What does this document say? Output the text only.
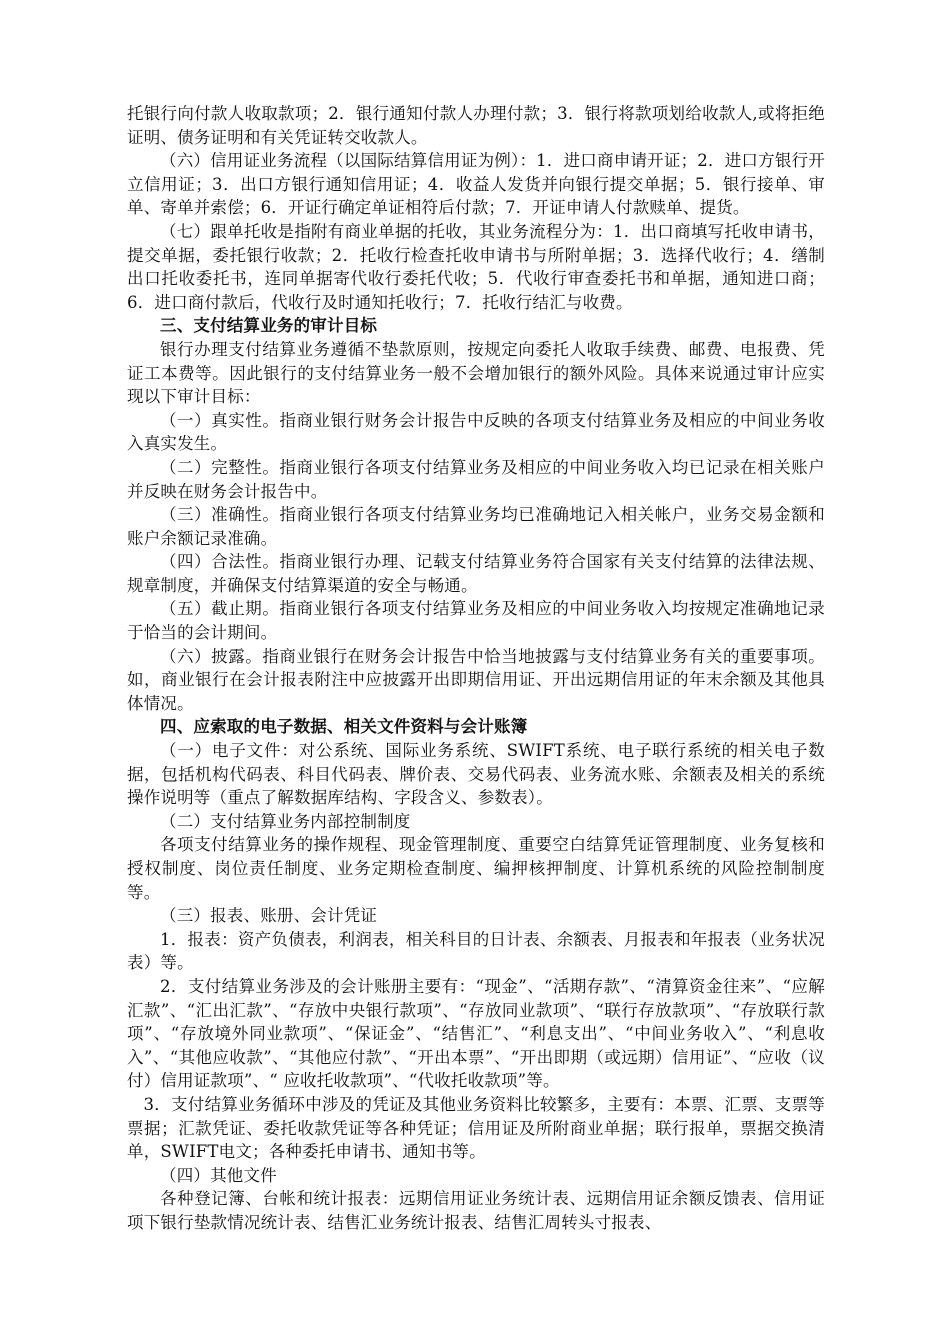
托银行向付款人收取款项；2．银行通知付款人办理付款；3．银行将款项划给收款人,或将拒绝证明、债务证明和有关凭证转交收款人。

（六）信用证业务流程（以国际结算信用证为例）：1．进口商申请开证；2．进口方银行开立信用证；3．出口方银行通知信用证；4．收益人发货并向银行提交单据；5．银行接单、审单、寄单并索偿；6．开证行确定单证相符后付款；7．开证申请人付款赎单、提货。

（七）跟单托收是指附有商业单据的托收，其业务流程分为：1．出口商填写托收申请书，提交单据，委托银行收款；2．托收行检查托收申请书与所附单据；3．选择代收行；4．缮制出口托收委托书，连同单据寄代收行委托代收；5．代收行审查委托书和单据，通知进口商；6．进口商付款后，代收行及时通知托收行；7．托收行结汇与收费。

三、支付结算业务的审计目标

银行办理支付结算业务遵循不垫款原则，按规定向委托人收取手续费、邮费、电报费、凭证工本费等。因此银行的支付结算业务一般不会增加银行的额外风险。具体来说通过审计应实现以下审计目标：

（一）真实性。指商业银行财务会计报告中反映的各项支付结算业务及相应的中间业务收入真实发生。

（二）完整性。指商业银行各项支付结算业务及相应的中间业务收入均已记录在相关账户并反映在财务会计报告中。

（三）准确性。指商业银行各项支付结算业务均已准确地记入相关帐户，业务交易金额和账户余额记录准确。

（四）合法性。指商业银行办理、记载支付结算业务符合国家有关支付结算的法律法规、规章制度，并确保支付结算渠道的安全与畅通。

（五）截止期。指商业银行各项支付结算业务及相应的中间业务收入均按规定准确地记录于恰当的会计期间。

（六）披露。指商业银行在财务会计报告中恰当地披露与支付结算业务有关的重要事项。如，商业银行在会计报表附注中应披露开出即期信用证、开出远期信用证的年末余额及其他具体情况。

四、应索取的电子数据、相关文件资料与会计账簿

（一）电子文件：对公系统、国际业务系统、SWIFT系统、电子联行系统的相关电子数据，包括机构代码表、科目代码表、牌价表、交易代码表、业务流水账、余额表及相关的系统操作说明等（重点了解数据库结构、字段含义、参数表）。

（二）支付结算业务内部控制制度

各项支付结算业务的操作规程、现金管理制度、重要空白结算凭证管理制度、业务复核和授权制度、岗位责任制度、业务定期检查制度、编押核押制度、计算机系统的风险控制制度等。

（三）报表、账册、会计凭证

1．报表：资产负债表，利润表，相关科目的日计表、余额表、月报表和年报表（业务状况表）等。

2．支付结算业务涉及的会计账册主要有：“现金”、“活期存款”、“清算资金往来”、“应解汇款”、“汇出汇款”、“存放中央银行款项”、“存放同业款项”、“联行存放款项”、“存放联行款项”、“存放境外同业款项”、“保证金”、“结售汇”、“利息支出”、“中间业务收入”、“利息收入”、“其他应收款”、“其他应付款”、“开出本票”、“开出即期（或远期）信用证”、“应收（议付）信用证款项”、“ 应收托收款项”、“代收托收款项”等。

3．支付结算业务循环中涉及的凭证及其他业务资料比较繁多，主要有：本票、汇票、支票等票据；汇款凭证、委托收款凭证等各种凭证；信用证及所附商业单据；联行报单，票据交换清单，SWIFT电文；各种委托申请书、通知书等。

（四）其他文件

各种登记簿、台帐和统计报表：远期信用证业务统计表、远期信用证余额反馈表、信用证项下银行垫款情况统计表、结售汇业务统计报表、结售汇周转头寸报表、
